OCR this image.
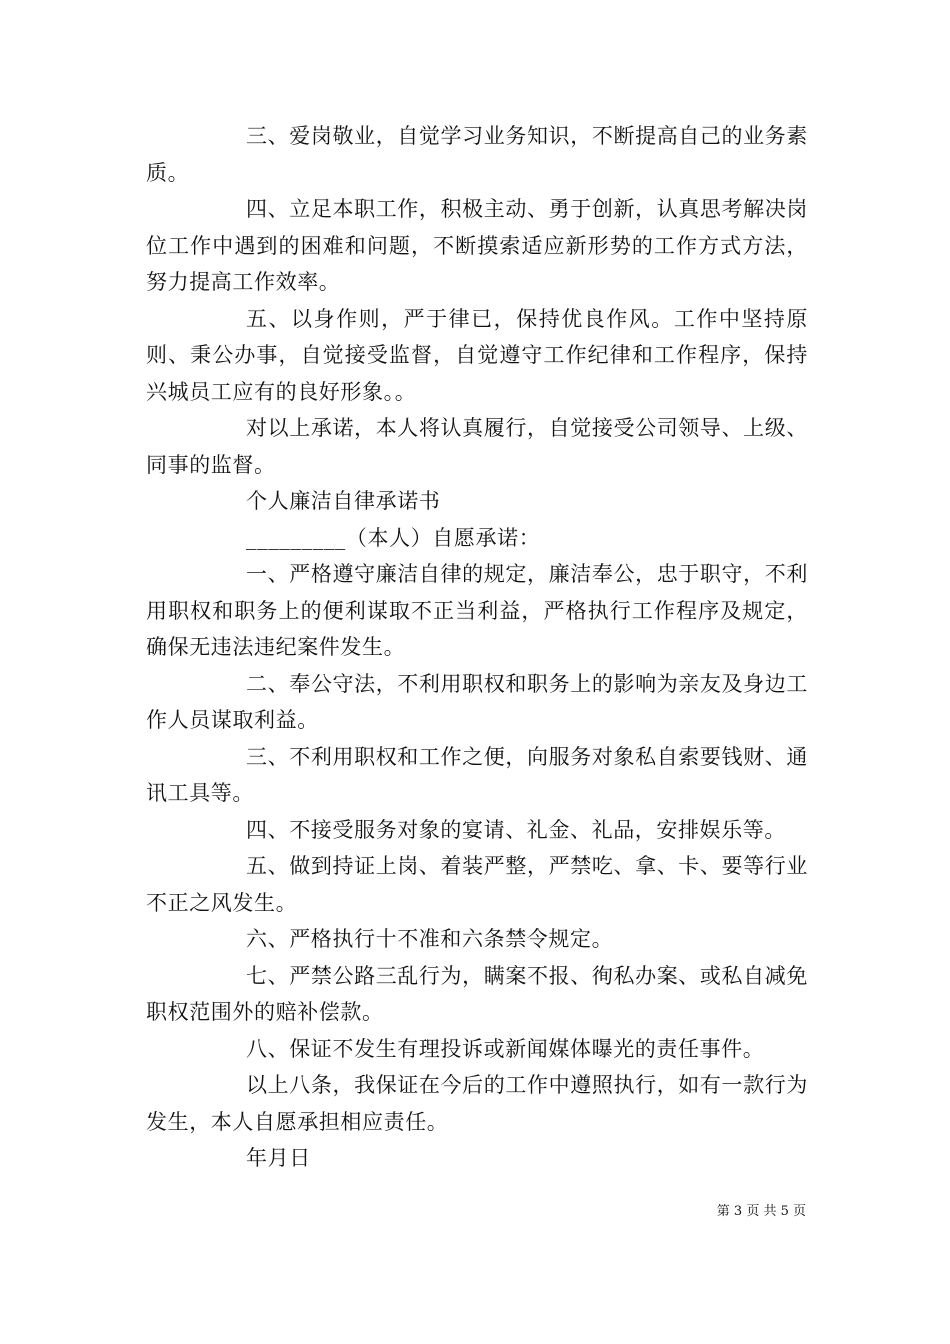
三、爱岗敬业，自觉学习业务知识，不断提高自己的业务素质。

四、立足本职工作，积极主动、勇于创新，认真思考解决岗位工作中遇到的困难和问题，不断摸索适应新形势的工作方式方法，努力提高工作效率。

五、以身作则，严于律已，保持优良作风。工作中坚持原则、秉公办事，自觉接受监督，自觉遵守工作纪律和工作程序，保持兴城员工应有的良好形象。。

对以上承诺，本人将认真履行，自觉接受公司领导、上级、同事的监督。

个人廉洁自律承诺书

_________（本人）自愿承诺：

一、严格遵守廉洁自律的规定，廉洁奉公，忠于职守，不利用职权和职务上的便利谋取不正当利益，严格执行工作程序及规定，确保无违法违纪案件发生。

二、奉公守法，不利用职权和职务上的影响为亲友及身边工作人员谋取利益。

三、不利用职权和工作之便，向服务对象私自索要钱财、通讯工具等。

四、不接受服务对象的宴请、礼金、礼品，安排娱乐等。

五、做到持证上岗、着装严整，严禁吃、拿、卡、要等行业不正之风发生。

六、严格执行十不准和六条禁令规定。

七、严禁公路三乱行为，瞒案不报、徇私办案、或私自减免职权范围外的赔补偿款。

八、保证不发生有理投诉或新闻媒体曝光的责任事件。

以上八条，我保证在今后的工作中遵照执行，如有一款行为发生，本人自愿承担相应责任。

年月日

第 3 页 共 5 页
